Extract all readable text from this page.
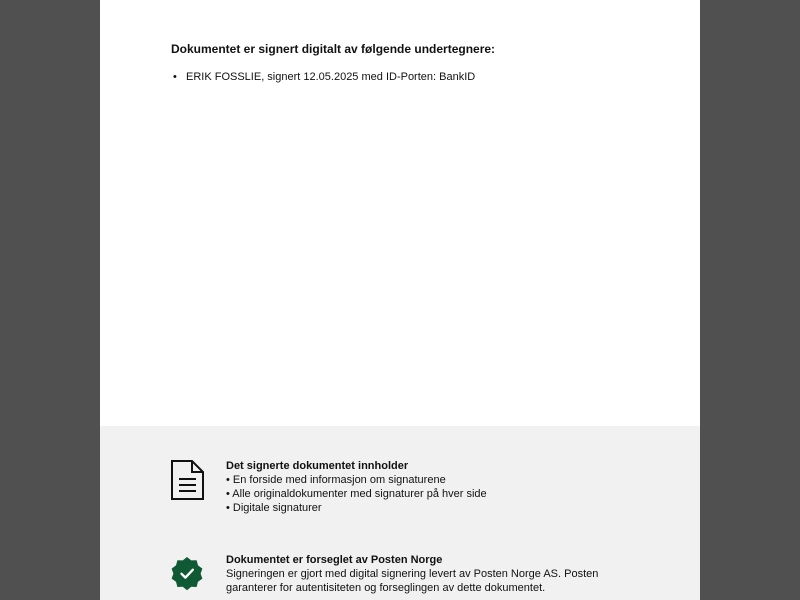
Dokumentet er signert digitalt av følgende undertegnere:

• ERIK FOSSLIE, signert 12.05.2025 med ID-Porten: BankID

Det signerte dokumentet innholder

• En forside med informasjon om signaturene

• Alle originaldokumenter med signaturer på hver side

• Digitale signaturer

Dokumentet er forseglet av Posten Norge

Signeringen er gjort med digital signering levert av Posten Norge AS. Posten

garanterer for autentisiteten og forseglingen av dette dokumentet.
